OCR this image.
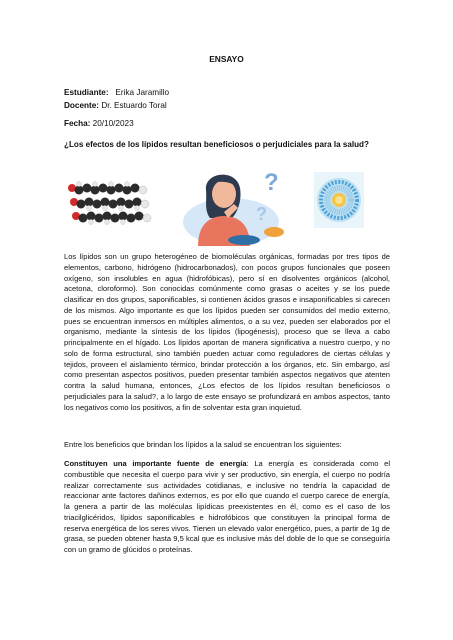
ENSAYO
Estudiante: Erika Jaramillo
Docente: Dr. Estuardo Toral
Fecha: 20/10/2023
¿Los efectos de los lípidos resultan beneficiosos o perjudiciales para la salud?
?
?

Los lípidos son un grupo heterogéneo de biomoléculas orgánicas, formadas por tres tipos de elementos, carbono, hidrógeno (hidrocarbonados), con pocos grupos funcionales que poseen oxígeno, son insolubles en agua (hidrofóbicas), pero sí en disolventes orgánicos (alcohol, acetona, cloroformo). Son conocidas comúnmente como grasas o aceites y se los puede clasificar en dos grupos, saponificables, si contienen ácidos grasos e insaponificables si carecen de los mismos. Algo importante es que los lípidos pueden ser consumidos del medio externo, pues se encuentran inmersos en múltiples alimentos, o a su vez, pueden ser elaborados por el organismo, mediante la síntesis de los lípidos (lipogénesis), proceso que se lleva a cabo principalmente en el hígado. Los lípidos aportan de manera significativa a nuestro cuerpo, y no solo de forma estructural, sino también pueden actuar como reguladores de ciertas células y tejidos, proveen el aislamiento térmico, brindar protección a los órganos, etc. Sin embargo, así como presentan aspectos positivos, pueden presentar también aspectos negativos que atenten contra la salud humana, entonces, ¿Los efectos de los lípidos resultan beneficiosos o perjudiciales para la salud?, a lo largo de este ensayo se profundizará en ambos aspectos, tanto los negativos como los positivos, a fin de solventar esta gran inquietud.

Entre los beneficios que brindan los lípidos a la salud se encuentran los siguientes:

Constituyen una importante fuente de energía: La energía es considerada como el combustible que necesita el cuerpo para vivir y ser productivo, sin energía, el cuerpo no podría realizar correctamente sus actividades cotidianas, e inclusive no tendría la capacidad de reaccionar ante factores dañinos externos, es por ello que cuando el cuerpo carece de energía, la genera a partir de las moléculas lipídicas preexistentes en él, como es el caso de los triacilglicéridos, lípidos saponificables e hidrofóbicos que constituyen la principal forma de reserva energética de los seres vivos. Tienen un elevado valor energético, pues, a partir de 1g de grasa, se pueden obtener hasta 9,5 kcal que es inclusive más del doble de lo que se conseguiría con un gramo de glúcidos o proteínas.
